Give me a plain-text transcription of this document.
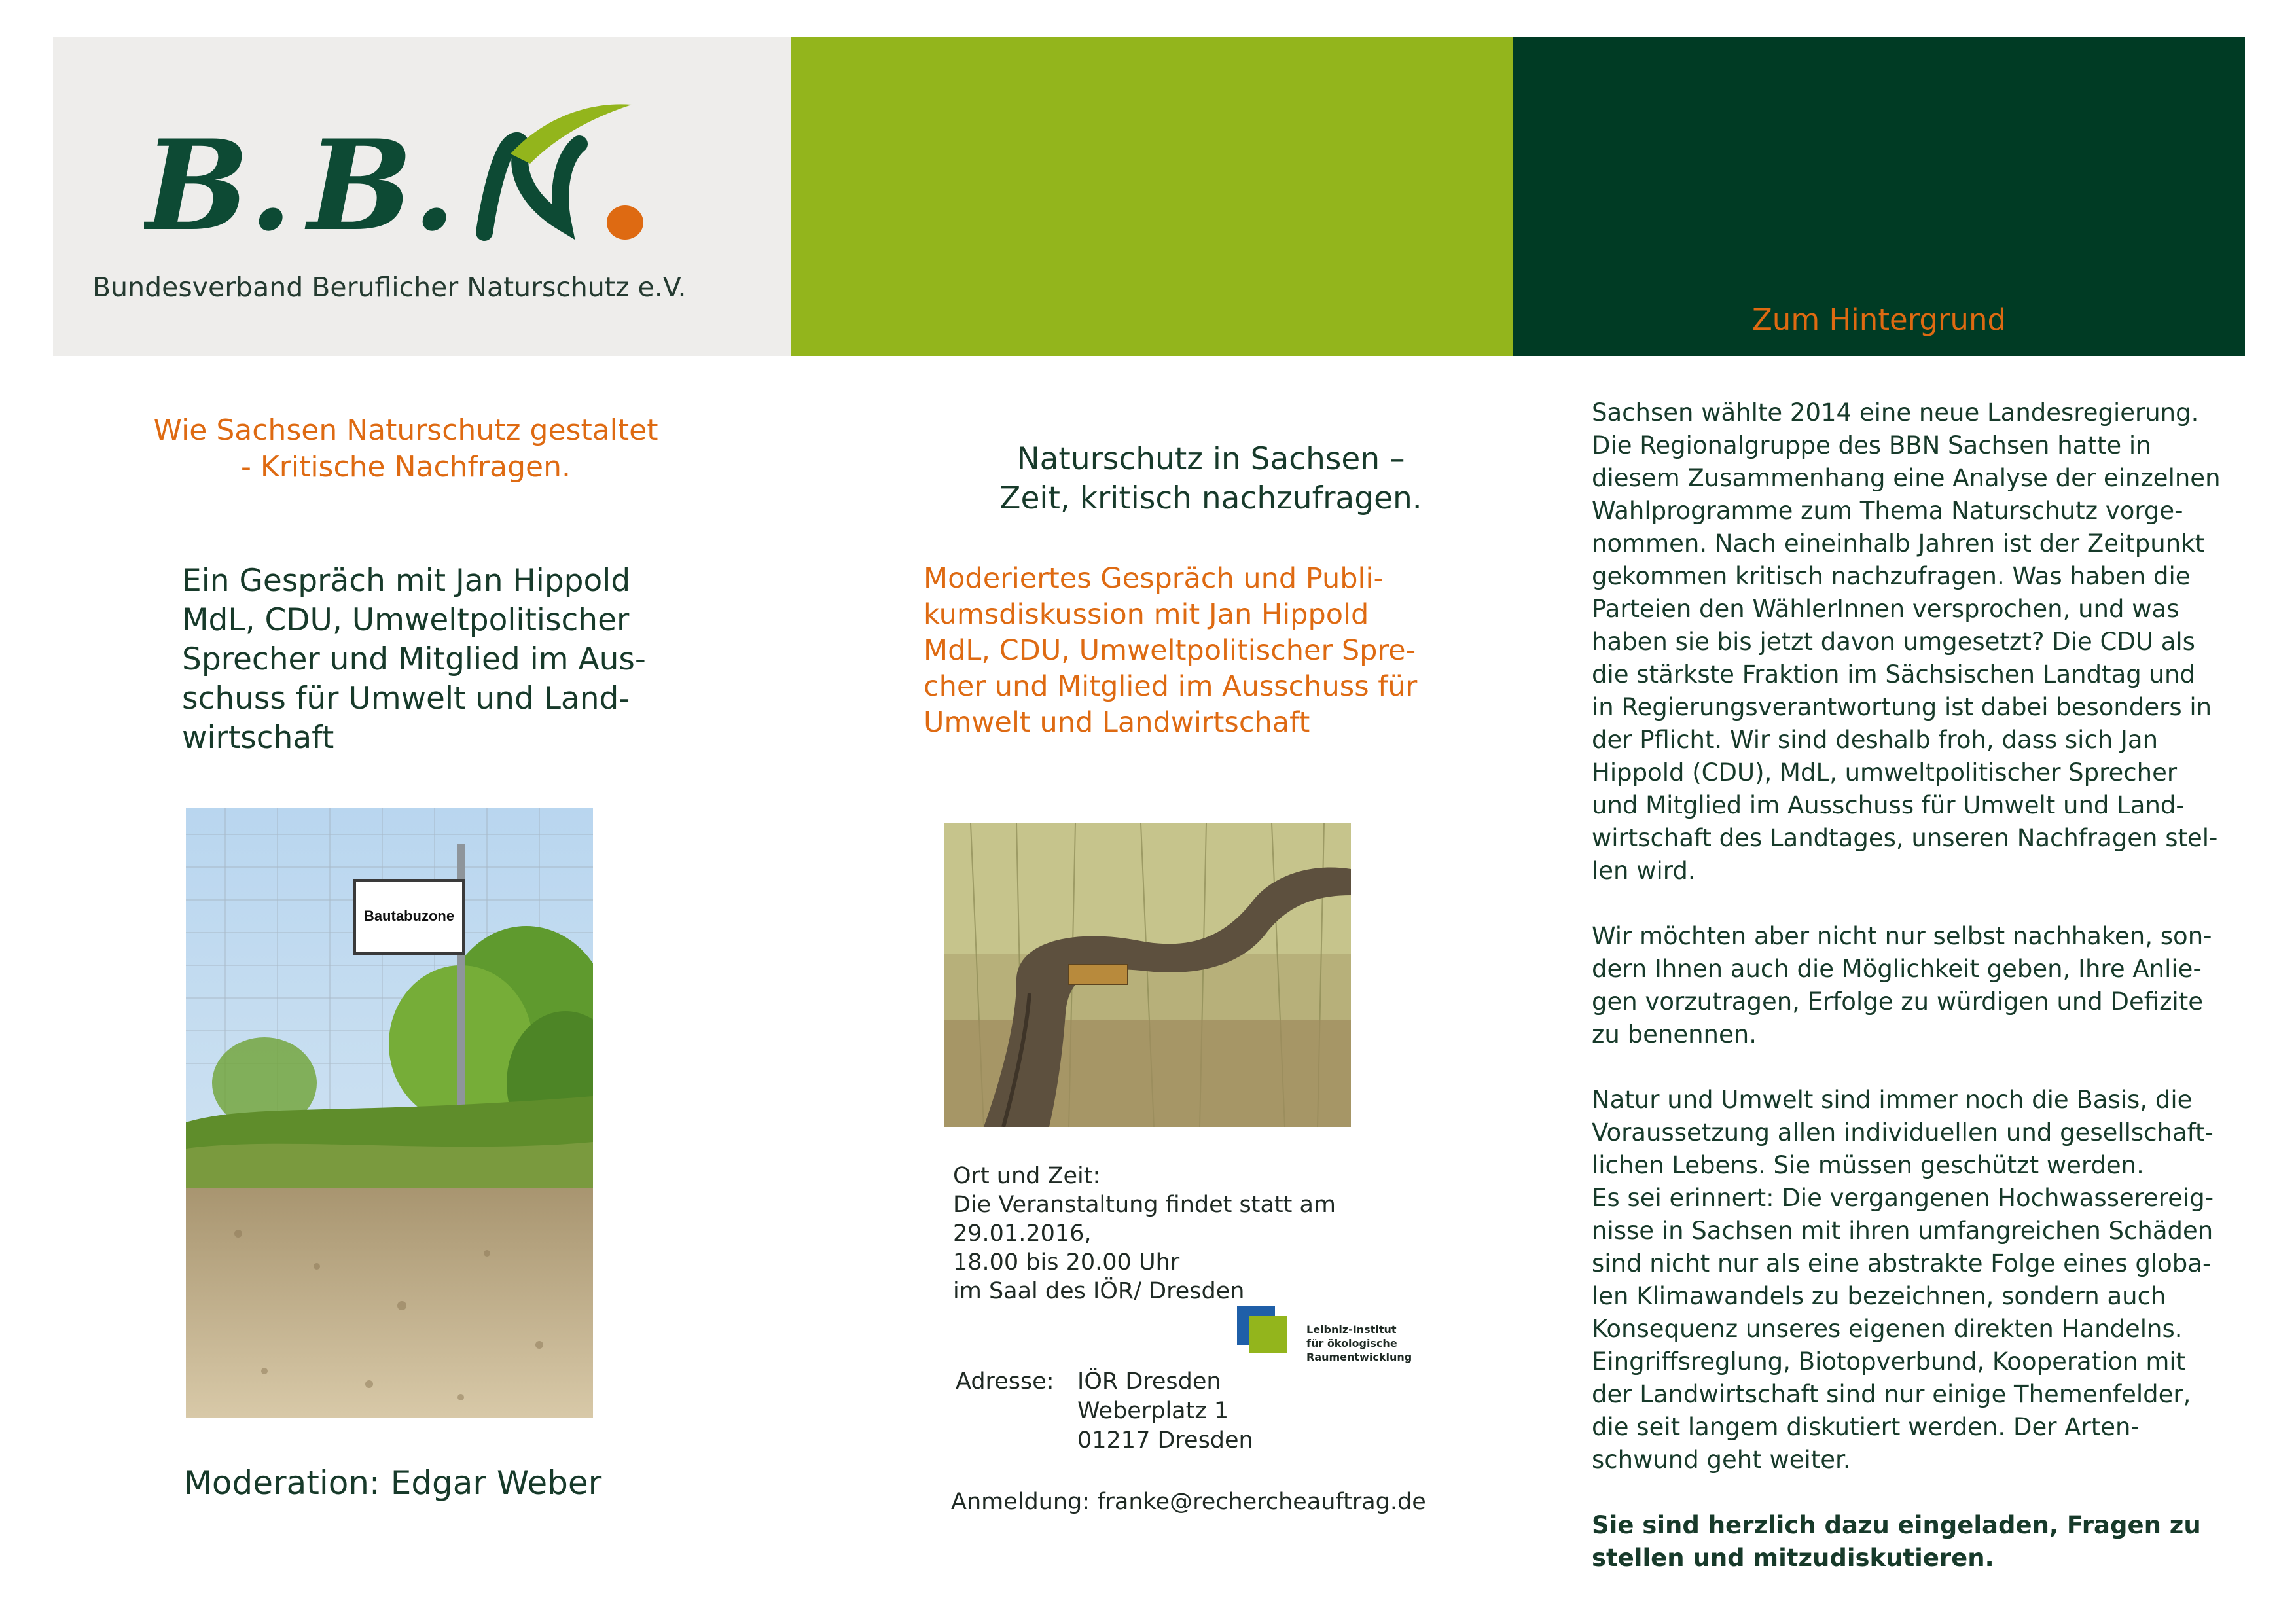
B. B.
Bundesverband Beruflicher Naturschutz e.V.
Zum Hintergrund
Wie Sachsen Naturschutz gestaltet
- Kritische Nachfragen.
Ein Gespräch mit Jan Hippold
MdL, CDU, Umweltpolitischer
Sprecher und Mitglied im Aus-
schuss für Umwelt und Land-
wirtschaft
Bautabuzone
Moderation: Edgar Weber
Naturschutz in Sachsen –
Zeit, kritisch nachzufragen.
Moderiertes Gespräch und Publi-
kumsdiskussion mit Jan Hippold
MdL, CDU, Umweltpolitischer Spre-
cher und Mitglied im Ausschuss für
Umwelt und Landwirtschaft
Ort und Zeit:
Die Veranstaltung findet statt am
29.01.2016,
18.00 bis 20.00 Uhr
im Saal des IÖR/ Dresden
Leibniz-Institut
für ökologische
Raumentwicklung
Adresse:	IÖR Dresden
Weberplatz 1
01217 Dresden
Anmeldung: franke@rechercheauftrag.de
Sachsen wählte 2014 eine neue Landesregierung.
Die Regionalgruppe des BBN Sachsen hatte in
diesem Zusammenhang eine Analyse der einzelnen
Wahlprogramme zum Thema Naturschutz vorge-
nommen. Nach eineinhalb Jahren ist der Zeitpunkt
gekommen kritisch nachzufragen. Was haben die
Parteien den WählerInnen versprochen, und was
haben sie bis jetzt davon umgesetzt? Die CDU als
die stärkste Fraktion im Sächsischen Landtag und
in Regierungsverantwortung ist dabei besonders in
der Pflicht. Wir sind deshalb froh, dass sich Jan
Hippold (CDU), MdL, umweltpolitischer Sprecher
und Mitglied im Ausschuss für Umwelt und Land-
wirtschaft des Landtages, unseren Nachfragen stel-
len wird.
Wir möchten aber nicht nur selbst nachhaken, son-
dern Ihnen auch die Möglichkeit geben, Ihre Anlie-
gen vorzutragen, Erfolge zu würdigen und Defizite
zu benennen.
Natur und Umwelt sind immer noch die Basis, die
Voraussetzung allen individuellen und gesellschaft-
lichen Lebens. Sie müssen geschützt werden.
Es sei erinnert: Die vergangenen Hochwasserereig-
nisse in Sachsen mit ihren umfangreichen Schäden
sind nicht nur als eine abstrakte Folge eines globa-
len Klimawandels zu bezeichnen, sondern auch
Konsequenz unseres eigenen direkten Handelns.
Eingriffsreglung, Biotopverbund, Kooperation mit
der Landwirtschaft sind nur einige Themenfelder,
die seit langem diskutiert werden. Der Arten-
schwund geht weiter.
Sie sind herzlich dazu eingeladen, Fragen zu
stellen und mitzudiskutieren.
